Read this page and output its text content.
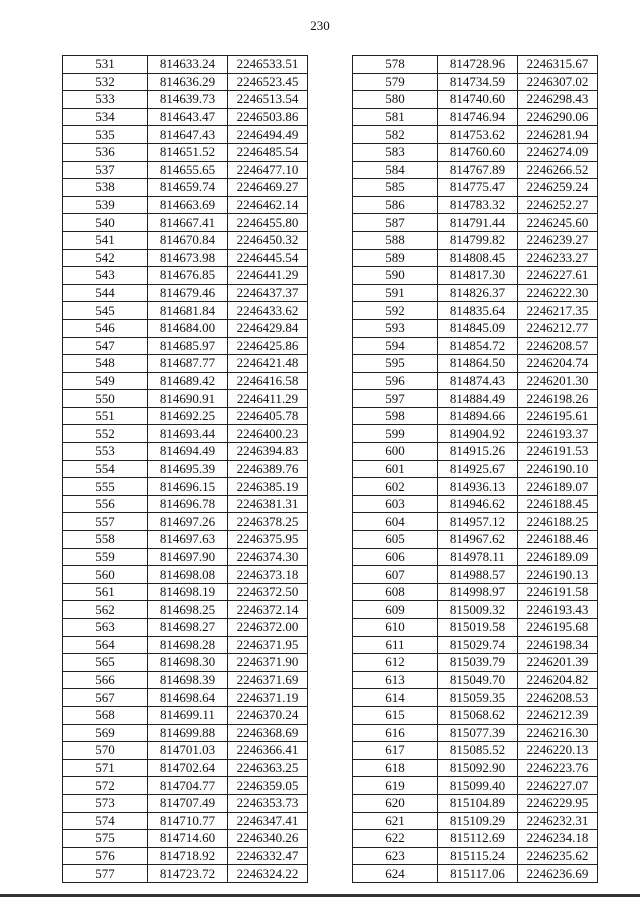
230
531	814633.24	2246533.51
532	814636.29	2246523.45
533	814639.73	2246513.54
534	814643.47	2246503.86
535	814647.43	2246494.49
536	814651.52	2246485.54
537	814655.65	2246477.10
538	814659.74	2246469.27
539	814663.69	2246462.14
540	814667.41	2246455.80
541	814670.84	2246450.32
542	814673.98	2246445.54
543	814676.85	2246441.29
544	814679.46	2246437.37
545	814681.84	2246433.62
546	814684.00	2246429.84
547	814685.97	2246425.86
548	814687.77	2246421.48
549	814689.42	2246416.58
550	814690.91	2246411.29
551	814692.25	2246405.78
552	814693.44	2246400.23
553	814694.49	2246394.83
554	814695.39	2246389.76
555	814696.15	2246385.19
556	814696.78	2246381.31
557	814697.26	2246378.25
558	814697.63	2246375.95
559	814697.90	2246374.30
560	814698.08	2246373.18
561	814698.19	2246372.50
562	814698.25	2246372.14
563	814698.27	2246372.00
564	814698.28	2246371.95
565	814698.30	2246371.90
566	814698.39	2246371.69
567	814698.64	2246371.19
568	814699.11	2246370.24
569	814699.88	2246368.69
570	814701.03	2246366.41
571	814702.64	2246363.25
572	814704.77	2246359.05
573	814707.49	2246353.73
574	814710.77	2246347.41
575	814714.60	2246340.26
576	814718.92	2246332.47
577	814723.72	2246324.22
578	814728.96	2246315.67
579	814734.59	2246307.02
580	814740.60	2246298.43
581	814746.94	2246290.06
582	814753.62	2246281.94
583	814760.60	2246274.09
584	814767.89	2246266.52
585	814775.47	2246259.24
586	814783.32	2246252.27
587	814791.44	2246245.60
588	814799.82	2246239.27
589	814808.45	2246233.27
590	814817.30	2246227.61
591	814826.37	2246222.30
592	814835.64	2246217.35
593	814845.09	2246212.77
594	814854.72	2246208.57
595	814864.50	2246204.74
596	814874.43	2246201.30
597	814884.49	2246198.26
598	814894.66	2246195.61
599	814904.92	2246193.37
600	814915.26	2246191.53
601	814925.67	2246190.10
602	814936.13	2246189.07
603	814946.62	2246188.45
604	814957.12	2246188.25
605	814967.62	2246188.46
606	814978.11	2246189.09
607	814988.57	2246190.13
608	814998.97	2246191.58
609	815009.32	2246193.43
610	815019.58	2246195.68
611	815029.74	2246198.34
612	815039.79	2246201.39
613	815049.70	2246204.82
614	815059.35	2246208.53
615	815068.62	2246212.39
616	815077.39	2246216.30
617	815085.52	2246220.13
618	815092.90	2246223.76
619	815099.40	2246227.07
620	815104.89	2246229.95
621	815109.29	2246232.31
622	815112.69	2246234.18
623	815115.24	2246235.62
624	815117.06	2246236.69
